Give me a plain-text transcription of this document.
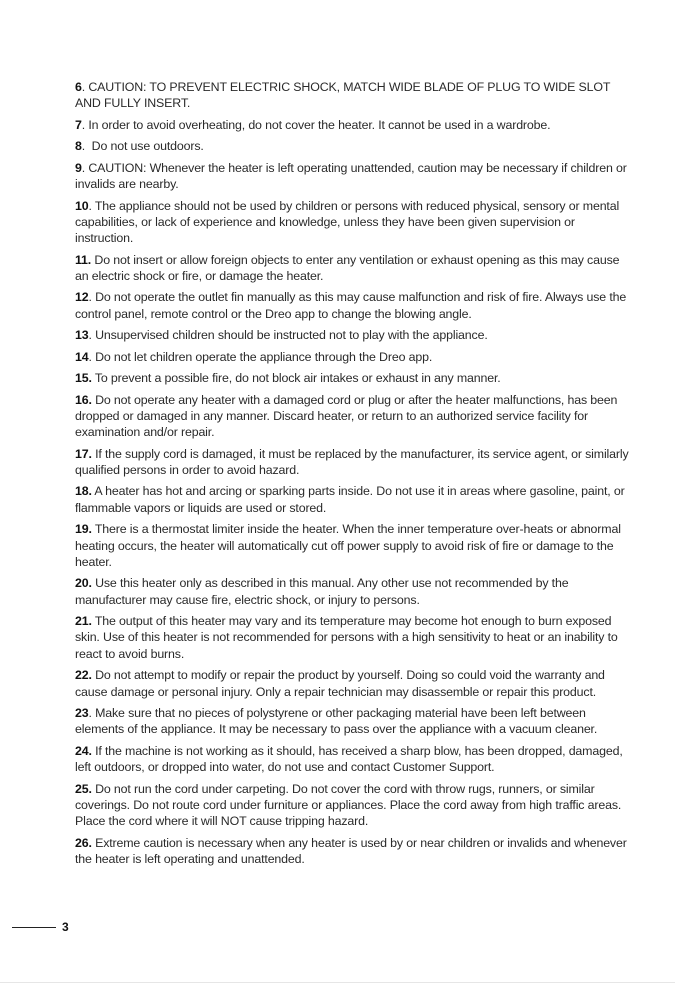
6. CAUTION: TO PREVENT ELECTRIC SHOCK, MATCH WIDE BLADE OF PLUG TO WIDE SLOT AND FULLY INSERT.

7. In order to avoid overheating, do not cover the heater. It cannot be used in a wardrobe.

8.  Do not use outdoors.

9. CAUTION: Whenever the heater is left operating unattended, caution may be necessary if children or invalids are nearby.

10. The appliance should not be used by children or persons with reduced physical, sensory or mental capabilities, or lack of experience and knowledge, unless they have been given supervision or instruction.

11. Do not insert or allow foreign objects to enter any ventilation or exhaust opening as this may cause an electric shock or fire, or damage the heater.

12. Do not operate the outlet fin manually as this may cause malfunction and risk of fire. Always use the control panel, remote control or the Dreo app to change the blowing angle.

13. Unsupervised children should be instructed not to play with the appliance.

14. Do not let children operate the appliance through the Dreo app.

15. To prevent a possible fire, do not block air intakes or exhaust in any manner.

16. Do not operate any heater with a damaged cord or plug or after the heater malfunctions, has been dropped or damaged in any manner. Discard heater, or return to an authorized service facility for examination and/or repair.

17. If the supply cord is damaged, it must be replaced by the manufacturer, its service agent, or similarly qualified persons in order to avoid hazard.

18. A heater has hot and arcing or sparking parts inside. Do not use it in areas where gasoline, paint, or flammable vapors or liquids are used or stored.

19. There is a thermostat limiter inside the heater. When the inner temperature over-heats or abnormal heating occurs, the heater will automatically cut off power supply to avoid risk of fire or damage to the heater.

20. Use this heater only as described in this manual. Any other use not recommended by the manufacturer may cause fire, electric shock, or injury to persons.

21. The output of this heater may vary and its temperature may become hot enough to burn exposed skin. Use of this heater is not recommended for persons with a high sensitivity to heat or an inability to react to avoid burns.

22. Do not attempt to modify or repair the product by yourself. Doing so could void the warranty and cause damage or personal injury. Only a repair technician may disassemble or repair this product.

23. Make sure that no pieces of polystyrene or other packaging material have been left between elements of the appliance. It may be necessary to pass over the appliance with a vacuum cleaner.

24. If the machine is not working as it should, has received a sharp blow, has been dropped, damaged, left outdoors, or dropped into water, do not use and contact Customer Support.

25. Do not run the cord under carpeting. Do not cover the cord with throw rugs, runners, or similar coverings. Do not route cord under furniture or appliances. Place the cord away from high traffic areas. Place the cord where it will NOT cause tripping hazard.

26. Extreme caution is necessary when any heater is used by or near children or invalids and whenever the heater is left operating and unattended.

3
